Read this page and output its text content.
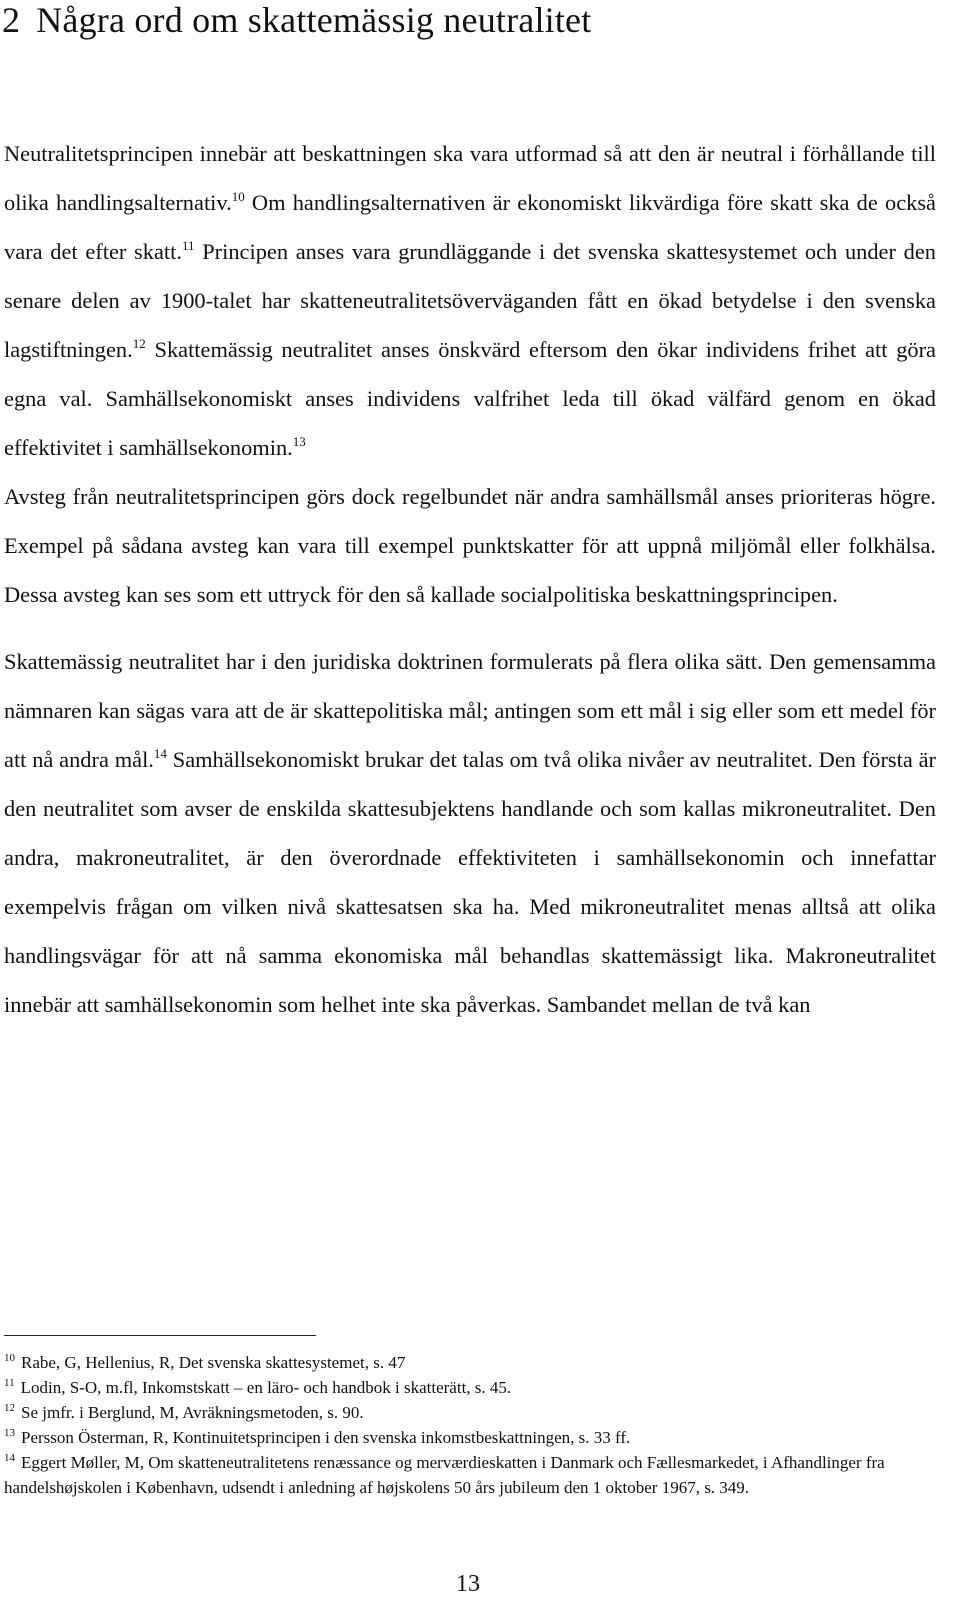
2 Några ord om skattemässig neutralitet

Neutralitetsprincipen innebär att beskattningen ska vara utformad så att den är neutral i förhållande till olika handlingsalternativ.$^{10}$ Om handlingsalternativen är ekonomiskt likvärdiga före skatt ska de också vara det efter skatt.$^{11}$ Principen anses vara grundläggande i det svenska skattesystemet och under den senare delen av 1900-talet har skatteneutralitetsöverväganden fått en ökad betydelse i den svenska lagstiftningen.$^{12}$ Skattemässig neutralitet anses önskvärd eftersom den ökar individens frihet att göra egna val. Samhällsekonomiskt anses individens valfrihet leda till ökad välfärd genom en ökad effektivitet i samhällsekonomin.$^{13}$

Avsteg från neutralitetsprincipen görs dock regelbundet när andra samhällsmål anses prioriteras högre. Exempel på sådana avsteg kan vara till exempel punktskatter för att uppnå miljömål eller folkhälsa. Dessa avsteg kan ses som ett uttryck för den så kallade socialpolitiska beskattningsprincipen.

Skattemässig neutralitet har i den juridiska doktrinen formulerats på flera olika sätt. Den gemensamma nämnaren kan sägas vara att de är skattepolitiska mål; antingen som ett mål i sig eller som ett medel för att nå andra mål.$^{14}$ Samhällsekonomiskt brukar det talas om två olika nivåer av neutralitet. Den första är den neutralitet som avser de enskilda skattesubjektens handlande och som kallas mikroneutralitet. Den andra, makroneutralitet, är den överordnade effektiviteten i samhällsekonomin och innefattar exempelvis frågan om vilken nivå skattesatsen ska ha. Med mikroneutralitet menas alltså att olika handlingsvägar för att nå samma ekonomiska mål behandlas skattemässigt lika. Makroneutralitet innebär att samhällsekonomin som helhet inte ska påverkas. Sambandet mellan de två kan

$^{10}$ Rabe, G, Hellenius, R, Det svenska skattesystemet, s. 47

$^{11}$ Lodin, S-O, m.fl, Inkomstskatt – en lärо- och handbok i skatterätt, s. 45.

$^{12}$ Se jmfr. i Berglund, M, Avräkningsmetoden, s. 90.

$^{13}$ Persson Österman, R, Kontinuitetsprincipen i den svenska inkomstbeskattningen, s. 33 ff.

$^{14}$ Eggert Møller, M, Om skatteneutralitetens renæssance og merværdieskatten i Danmark och Fællesmarkedet, i Afhandlinger fra handelshøjskolen i København, udsendt i anledning af højskolens 50 års jubileum den 1 oktober 1967, s. 349.

13
